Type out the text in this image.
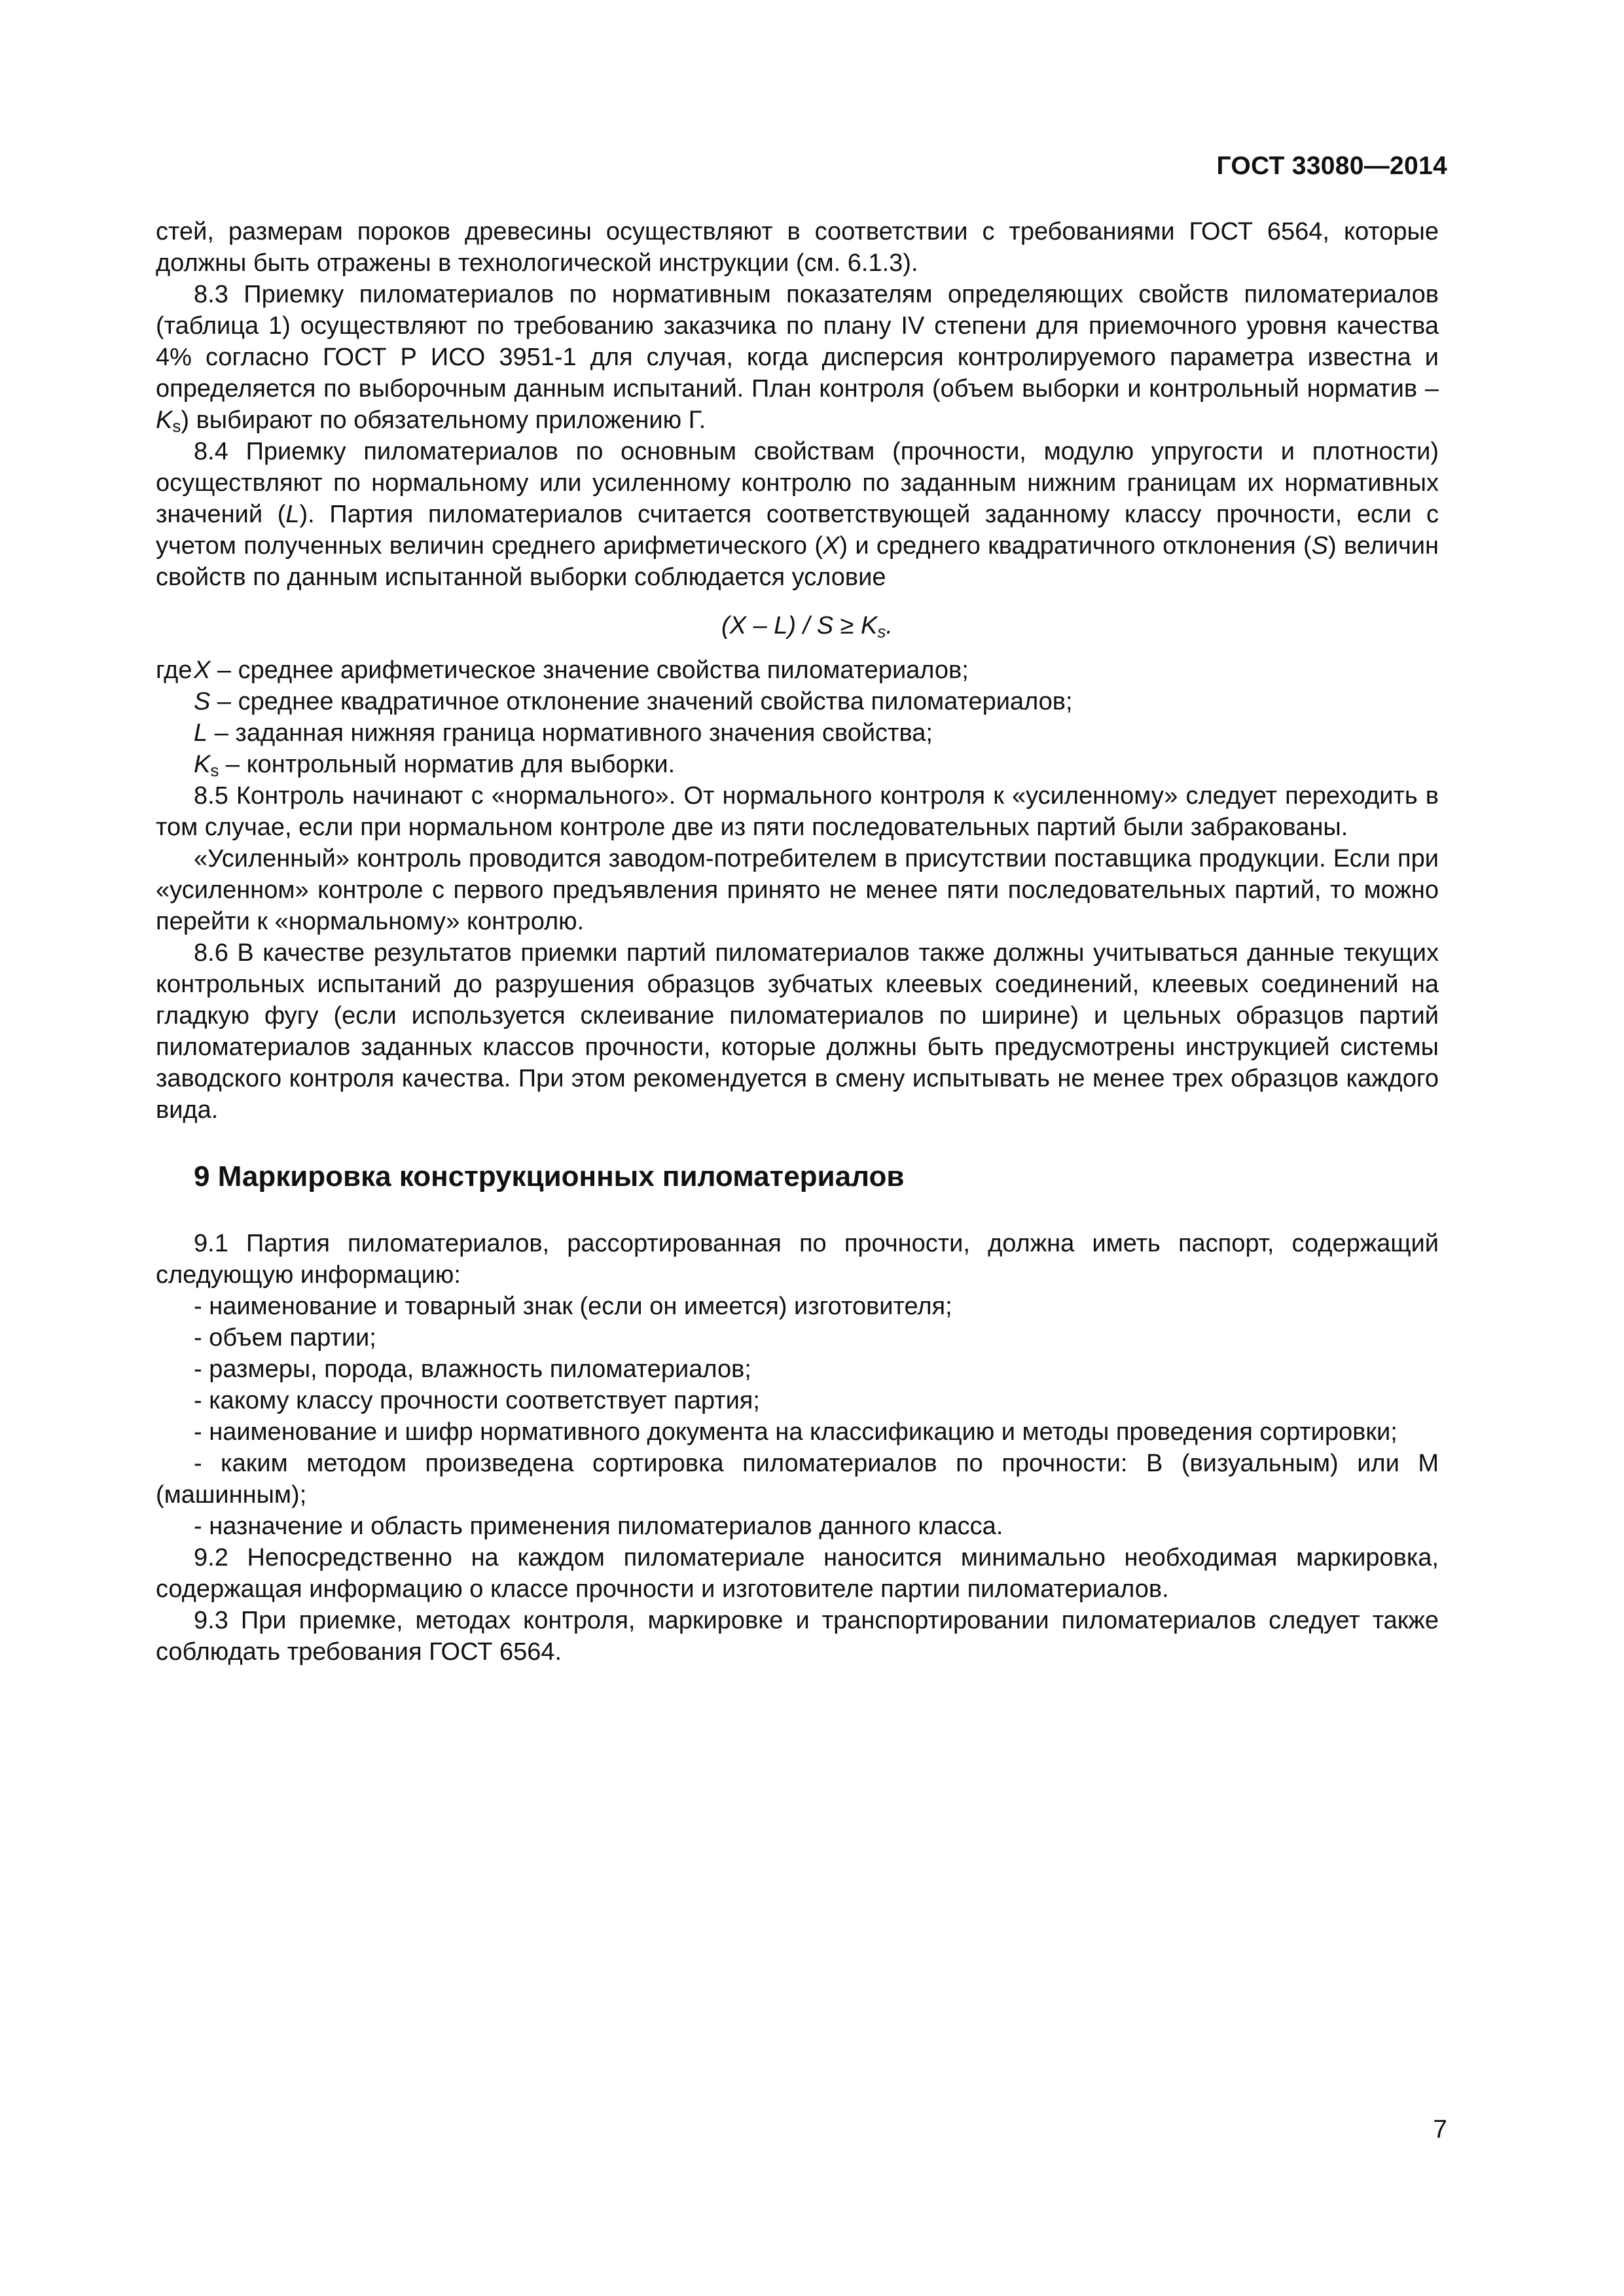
ГОСТ 33080—2014

стей, размерам пороков древесины осуществляют в соответствии с требованиями ГОСТ 6564, которые должны быть отражены в технологической инструкции (см. 6.1.3).

8.3 Приемку пиломатериалов по нормативным показателям определяющих свойств пиломатериалов (таблица 1) осуществляют по требованию заказчика по плану IV степени для приемочного уровня качества 4% согласно ГОСТ Р ИСО 3951-1 для случая, когда дисперсия контролируемого параметра известна и определяется по выборочным данным испытаний. План контроля (объем выборки и контрольный норматив – $K_s$) выбирают по обязательному приложению Г.

8.4 Приемку пиломатериалов по основным свойствам (прочности, модулю упругости и плотности) осуществляют по нормальному или усиленному контролю по заданным нижним границам их нормативных значений (L). Партия пиломатериалов считается соответствующей заданному классу прочности, если с учетом полученных величин среднего арифметического (X) и среднего квадратичного отклонения (S) величин свойств по данным испытанной выборки соблюдается условие

$(X - L) / S \ge K_s$.

где X – среднее арифметическое значение свойства пиломатериалов;
S – среднее квадратичное отклонение значений свойства пиломатериалов;
L – заданная нижняя граница нормативного значения свойства;
$K_s$ – контрольный норматив для выборки.

8.5 Контроль начинают с «нормального». От нормального контроля к «усиленному» следует переходить в том случае, если при нормальном контроле две из пяти последовательных партий были забракованы.

«Усиленный» контроль проводится заводом-потребителем в присутствии поставщика продукции. Если при «усиленном» контроле с первого предъявления принято не менее пяти последовательных партий, то можно перейти к «нормальному» контролю.

8.6 В качестве результатов приемки партий пиломатериалов также должны учитываться данные текущих контрольных испытаний до разрушения образцов зубчатых клеевых соединений, клеевых соединений на гладкую фугу (если используется склеивание пиломатериалов по ширине) и цельных образцов партий пиломатериалов заданных классов прочности, которые должны быть предусмотрены инструкцией системы заводского контроля качества. При этом рекомендуется в смену испытывать не менее трех образцов каждого вида.

9 Маркировка конструкционных пиломатериалов

9.1 Партия пиломатериалов, рассортированная по прочности, должна иметь паспорт, содержащий следующую информацию:

- наименование и товарный знак (если он имеется) изготовителя;

- объем партии;

- размеры, порода, влажность пиломатериалов;

- какому классу прочности соответствует партия;

- наименование и шифр нормативного документа на классификацию и методы проведения сортировки;

- каким методом произведена сортировка пиломатериалов по прочности: В (визуальным) или М (машинным);

- назначение и область применения пиломатериалов данного класса.

9.2 Непосредственно на каждом пиломатериале наносится минимально необходимая маркировка, содержащая информацию о классе прочности и изготовителе партии пиломатериалов.

9.3 При приемке, методах контроля, маркировке и транспортировании пиломатериалов следует также соблюдать требования ГОСТ 6564.

7
